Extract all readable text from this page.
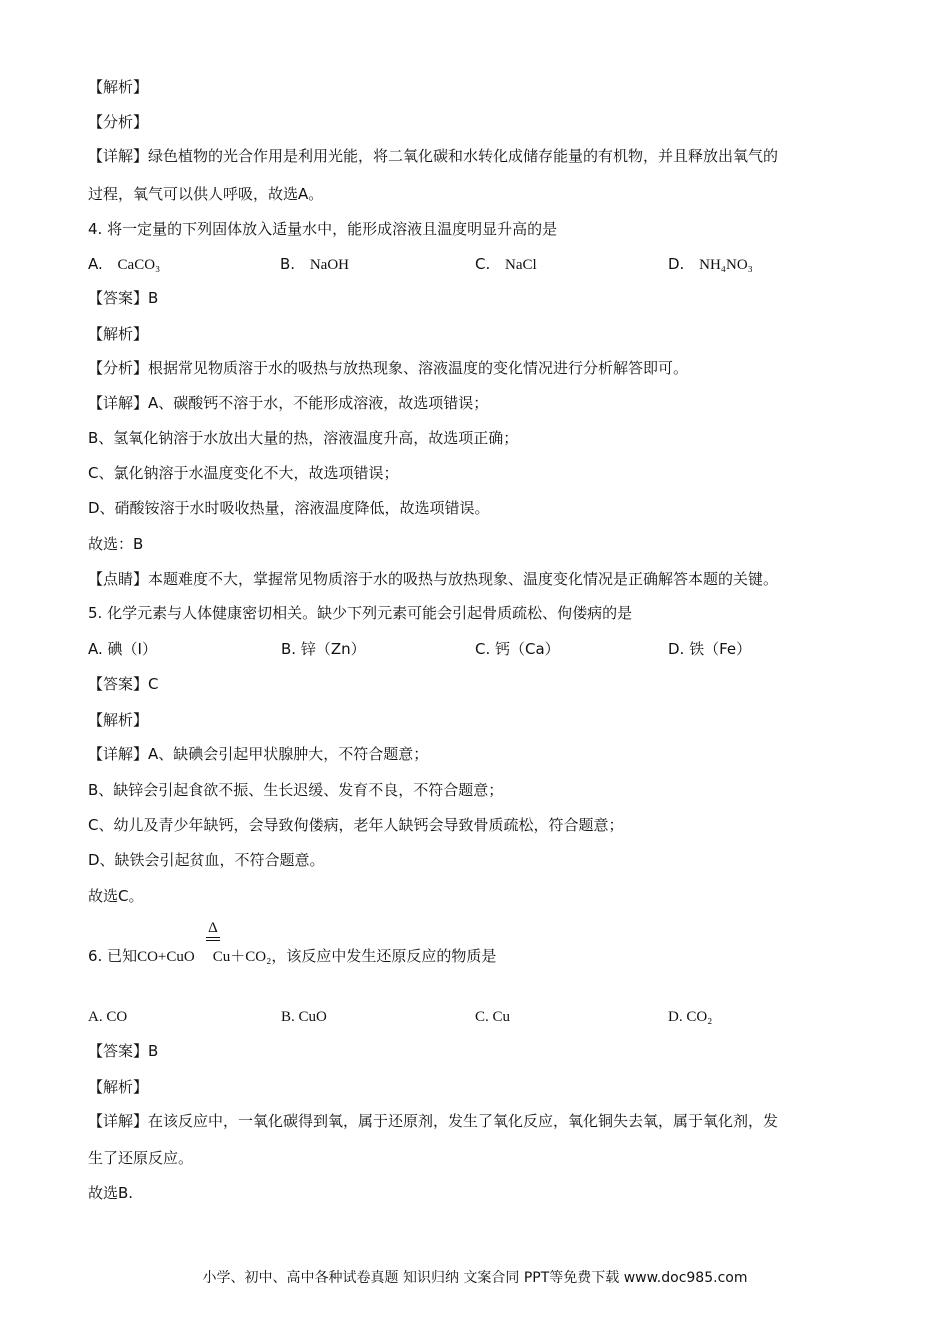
【解析】
【分析】
【详解】绿色植物的光合作用是利用光能，将二氧化碳和水转化成储存能量的有机物，并且释放出氧气的
过程，氧气可以供人呼吸，故选A。
4. 将一定量的下列固体放入适量水中，能形成溶液且温度明显升高的是
A. CaCO₃	B. NaOH	C. NaCl	D. NH₄NO₃
【答案】B
【解析】
【分析】根据常见物质溶于水的吸热与放热现象、溶液温度的变化情况进行分析解答即可。
【详解】A、碳酸钙不溶于水，不能形成溶液，故选项错误；
B、氢氧化钠溶于水放出大量的热，溶液温度升高，故选项正确；
C、氯化钠溶于水温度变化不大，故选项错误；
D、硝酸铵溶于水时吸收热量，溶液温度降低，故选项错误。
故选：B
【点睛】本题难度不大，掌握常见物质溶于水的吸热与放热现象、温度变化情况是正确解答本题的关键。
5. 化学元素与人体健康密切相关。缺少下列元素可能会引起骨质疏松、佝偻病的是
A. 碘（I）	B. 锌（Zn）	C. 钙（Ca）	D. 铁（Fe）
【答案】C
【解析】
【详解】A、缺碘会引起甲状腺肿大，不符合题意；
B、缺锌会引起食欲不振、生长迟缓、发育不良，不符合题意；
C、幼儿及青少年缺钙，会导致佝偻病，老年人缺钙会导致骨质疏松，符合题意；
D、缺铁会引起贫血，不符合题意。
故选C。
Δ
6. 已知CO+CuO Cu＋CO₂，该反应中发生还原反应的物质是
A. CO	B. CuO	C. Cu	D. CO₂
【答案】B
【解析】
【详解】在该反应中，一氧化碳得到氧，属于还原剂，发生了氧化反应，氧化铜失去氧，属于氧化剂，发
生了还原反应。
故选B.
小学、初中、高中各种试卷真题 知识归纳 文案合同 PPT等免费下载 www.doc985.com
